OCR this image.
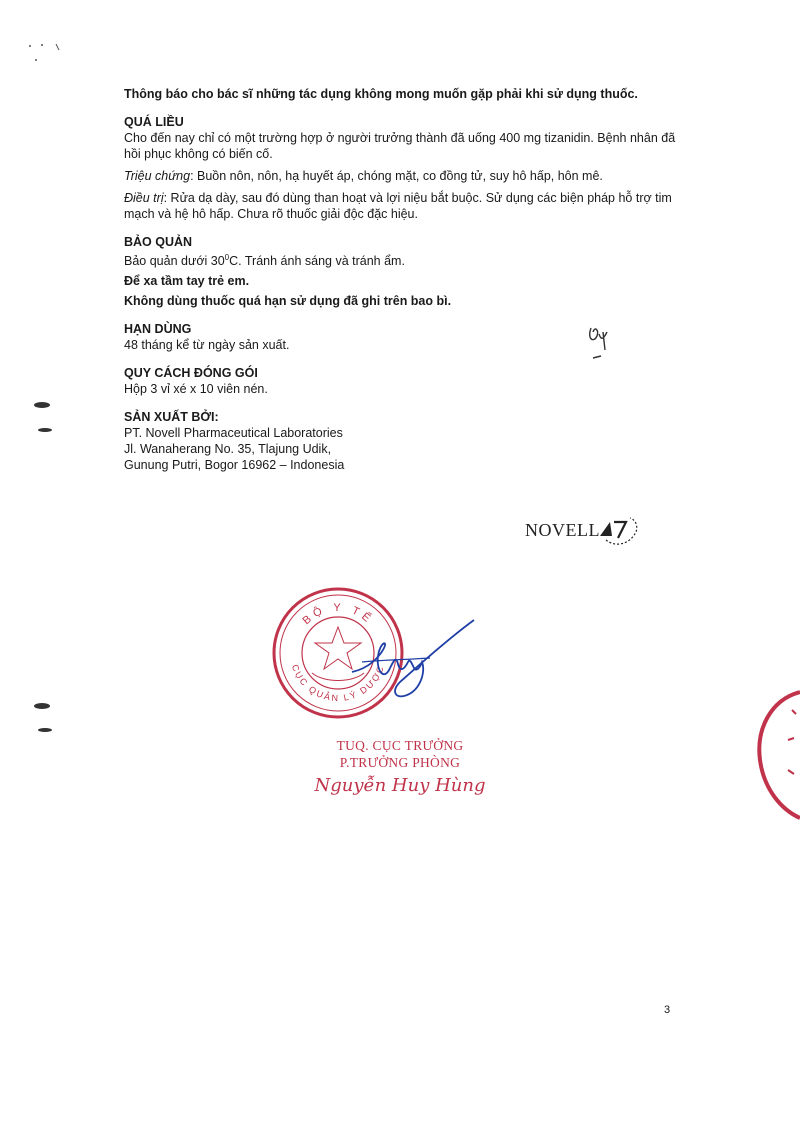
Thông báo cho bác sĩ những tác dụng không mong muốn gặp phải khi sử dụng thuốc.

QUÁ LIỀU

Cho đến nay chỉ có một trường hợp ở người trưởng thành đã uống 400 mg tizanidin. Bệnh nhân đã hồi phục không có biến cố.

Triệu chứng: Buồn nôn, nôn, hạ huyết áp, chóng mặt, co đồng tử, suy hô hấp, hôn mê.

Điều trị: Rửa dạ dày, sau đó dùng than hoạt và lợi niệu bắt buộc. Sử dụng các biện pháp hỗ trợ tim mạch và hệ hô hấp. Chưa rõ thuốc giải độc đặc hiệu.

BẢO QUẢN

Bảo quản dưới $30^0C$. Tránh ánh sáng và tránh ẩm.

Để xa tầm tay trẻ em.

Không dùng thuốc quá hạn sử dụng đã ghi trên bao bì.

HẠN DÙNG

48 tháng kể từ ngày sản xuất.

QUY CÁCH ĐÓNG GÓI

Hộp 3 vỉ xé x 10 viên nén.

SẢN XUẤT BỞI:

PT. Novell Pharmaceutical Laboratories

Jl. Wanaherang No. 35, Tlajung Udik,

Gunung Putri, Bogor 16962 – Indonesia

NOVELL
BỘ Y TẾ
CỤC QUẢN LÝ DƯỢC
TUQ. CỤC TRƯỞNG
P.TRƯỞNG PHÒNG
Nguyễn Huy Hùng
3
